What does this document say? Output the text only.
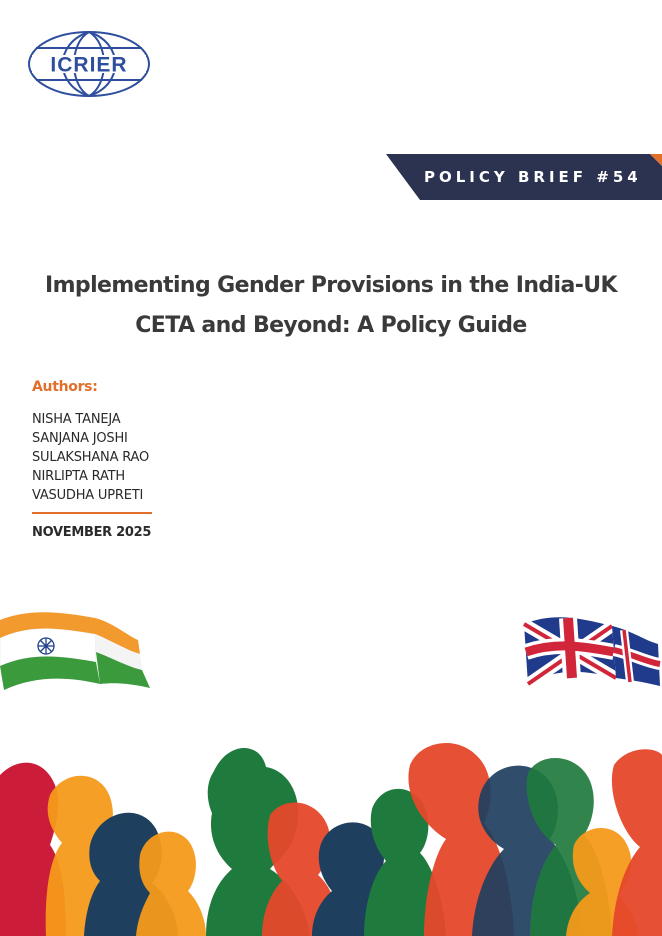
ICRIER
POLICY BRIEF #54
Implementing Gender Provisions in the India-UK
CETA and Beyond: A Policy Guide
Authors:
NISHA TANEJA
SANJANA JOSHI
SULAKSHANA RAO
NIRLIPTA RATH
VASUDHA UPRETI
NOVEMBER 2025
